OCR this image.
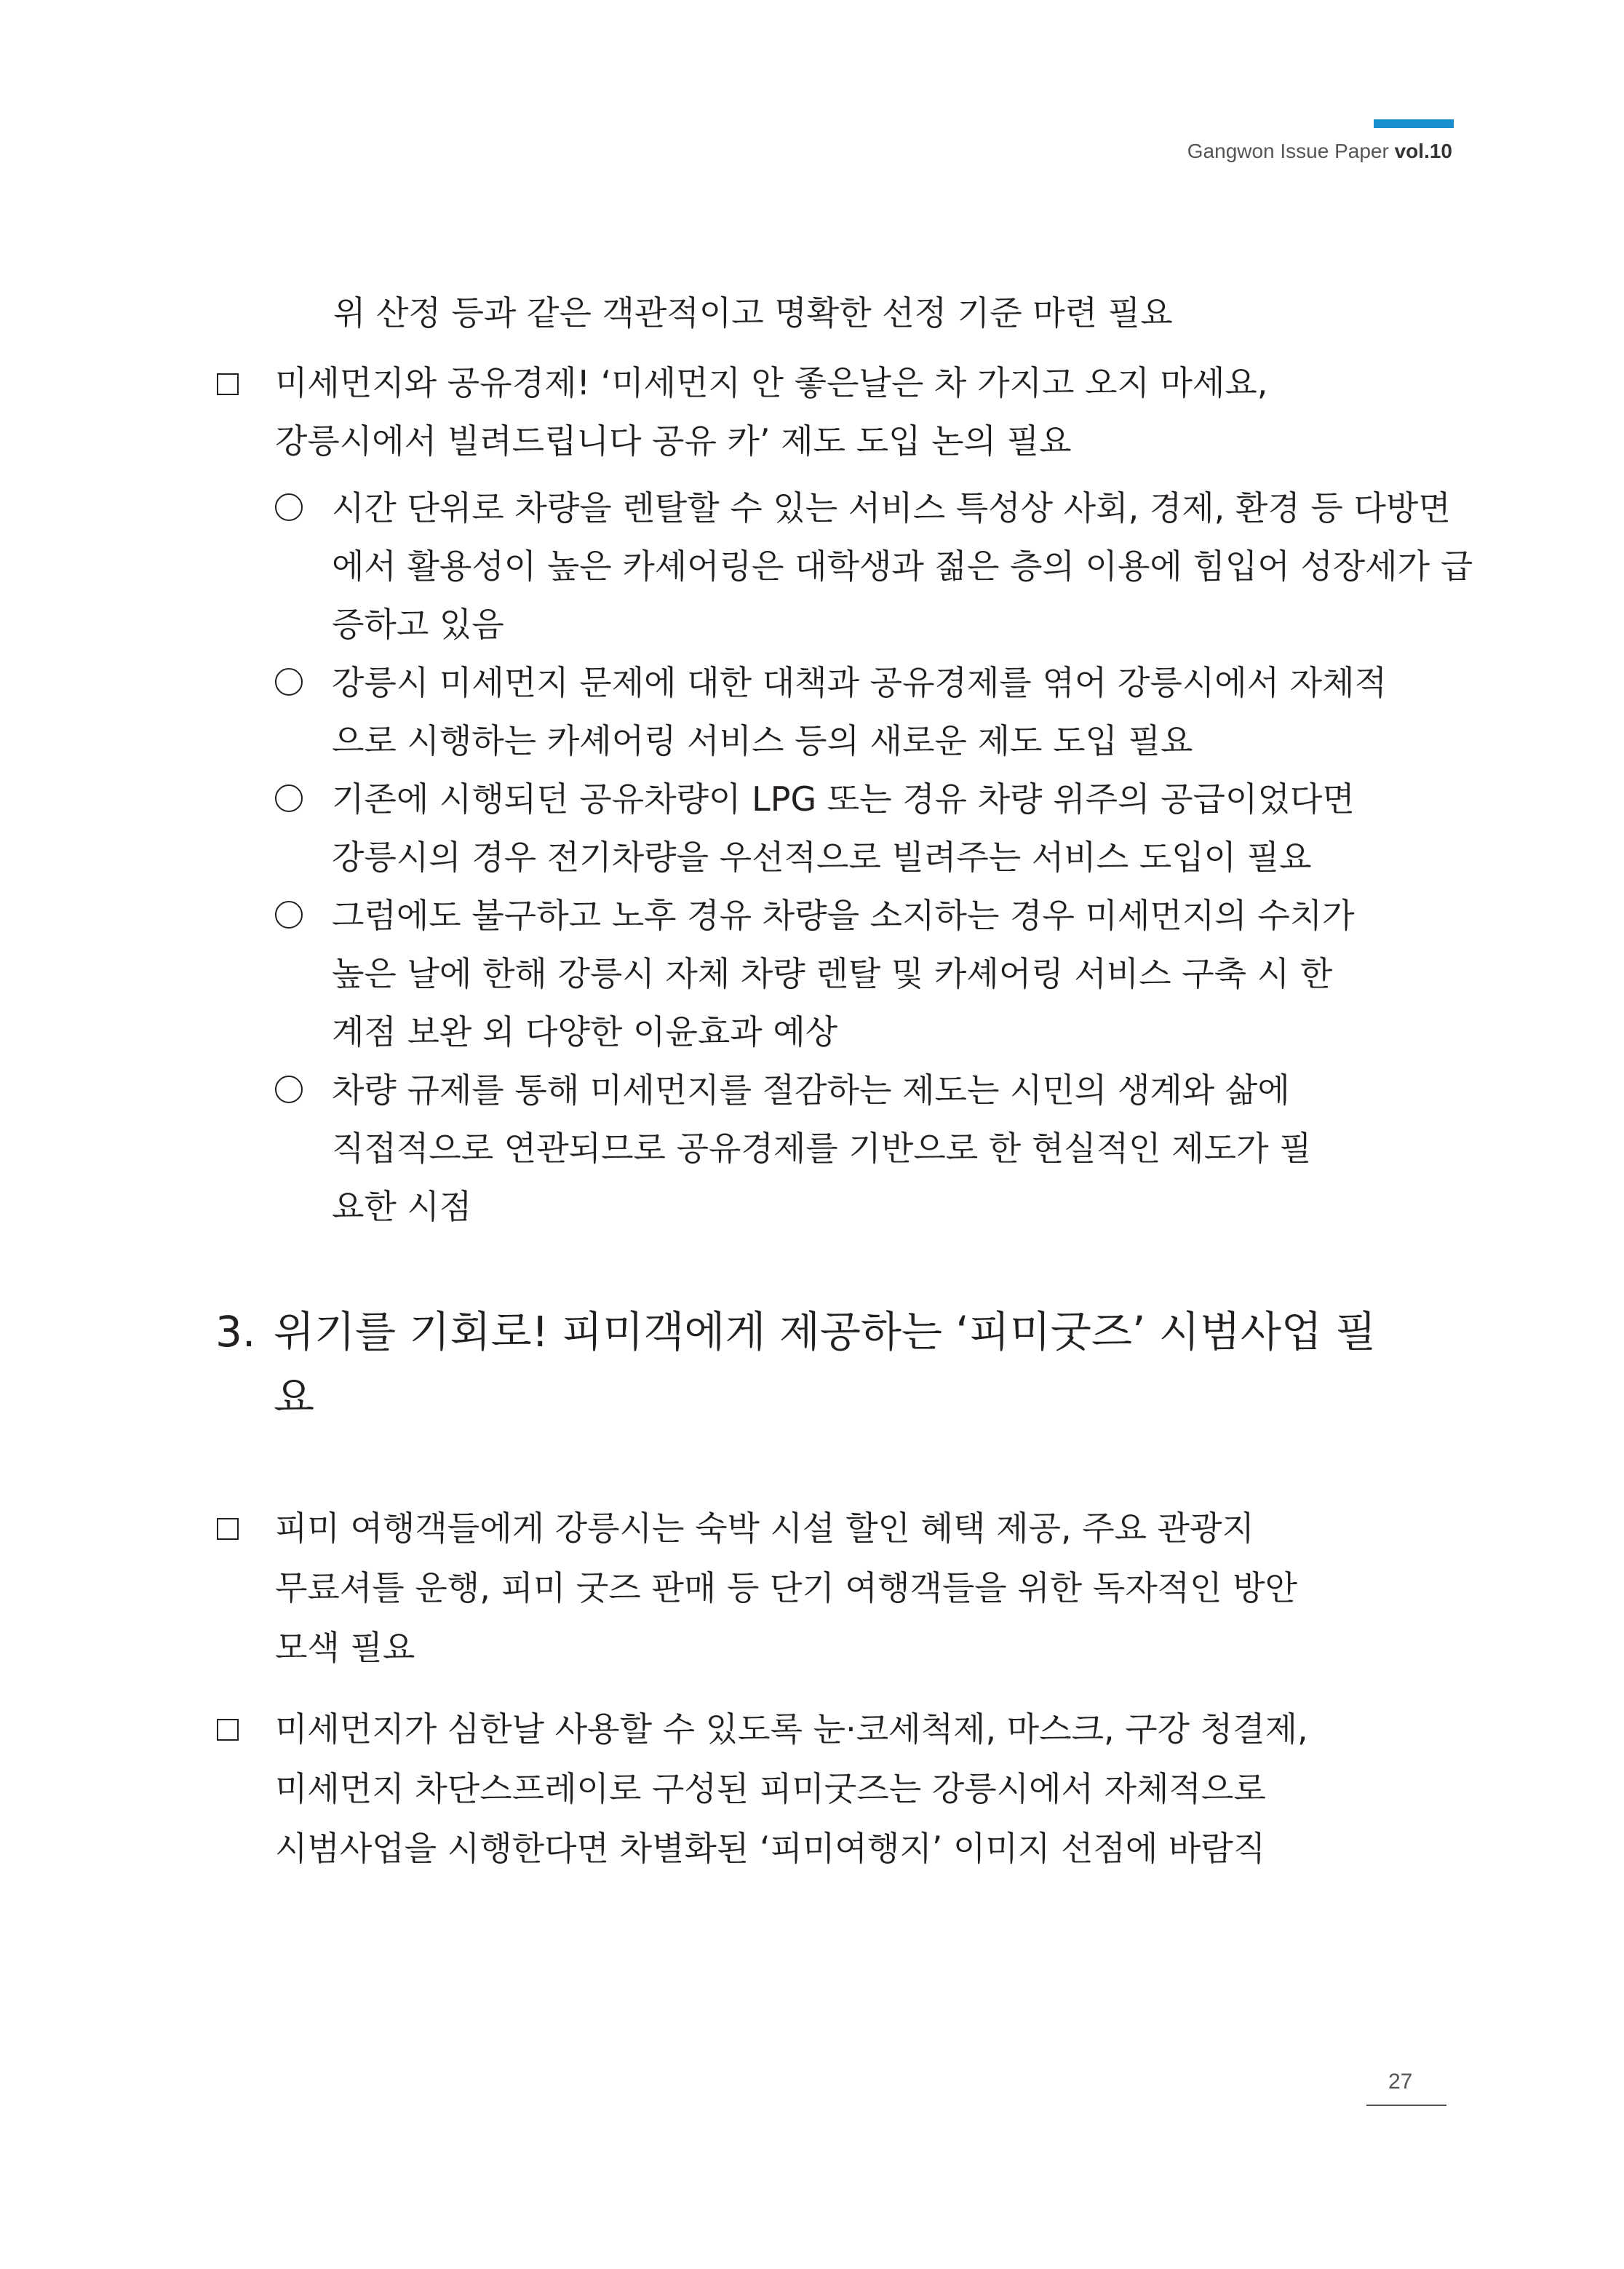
Gangwon Issue Paper vol.10
위 산정 등과 같은 객관적이고 명확한 선정 기준 마련 필요
미세먼지와 공유경제! ‘미세먼지 안 좋은날은 차 가지고 오지 마세요,
강릉시에서 빌려드립니다 공유 카’ 제도 도입 논의 필요
시간 단위로 차량을 렌탈할 수 있는 서비스 특성상 사회, 경제, 환경 등 다방면
에서 활용성이 높은 카셰어링은 대학생과 젊은 층의 이용에 힘입어 성장세가 급
증하고 있음
강릉시 미세먼지 문제에 대한 대책과 공유경제를 엮어 강릉시에서 자체적
으로 시행하는 카셰어링 서비스 등의 새로운 제도 도입 필요
기존에 시행되던 공유차량이 LPG 또는 경유 차량 위주의 공급이었다면
강릉시의 경우 전기차량을 우선적으로 빌려주는 서비스 도입이 필요
그럼에도 불구하고 노후 경유 차량을 소지하는 경우 미세먼지의 수치가
높은 날에 한해 강릉시 자체 차량 렌탈 및 카셰어링 서비스 구축 시 한
계점 보완 외 다양한 이윤효과 예상
차량 규제를 통해 미세먼지를 절감하는 제도는 시민의 생계와 삶에
직접적으로 연관되므로 공유경제를 기반으로 한 현실적인 제도가 필
요한 시점
3. 위기를 기회로! 피미객에게 제공하는 ‘피미굿즈’ 시범사업 필
요
피미 여행객들에게 강릉시는 숙박 시설 할인 혜택 제공, 주요 관광지
무료셔틀 운행, 피미 굿즈 판매 등 단기 여행객들을 위한 독자적인 방안
모색 필요
미세먼지가 심한날 사용할 수 있도록 눈·코세척제, 마스크, 구강 청결제,
미세먼지 차단스프레이로 구성된 피미굿즈는 강릉시에서 자체적으로
시범사업을 시행한다면 차별화된 ‘피미여행지’ 이미지 선점에 바람직
27
